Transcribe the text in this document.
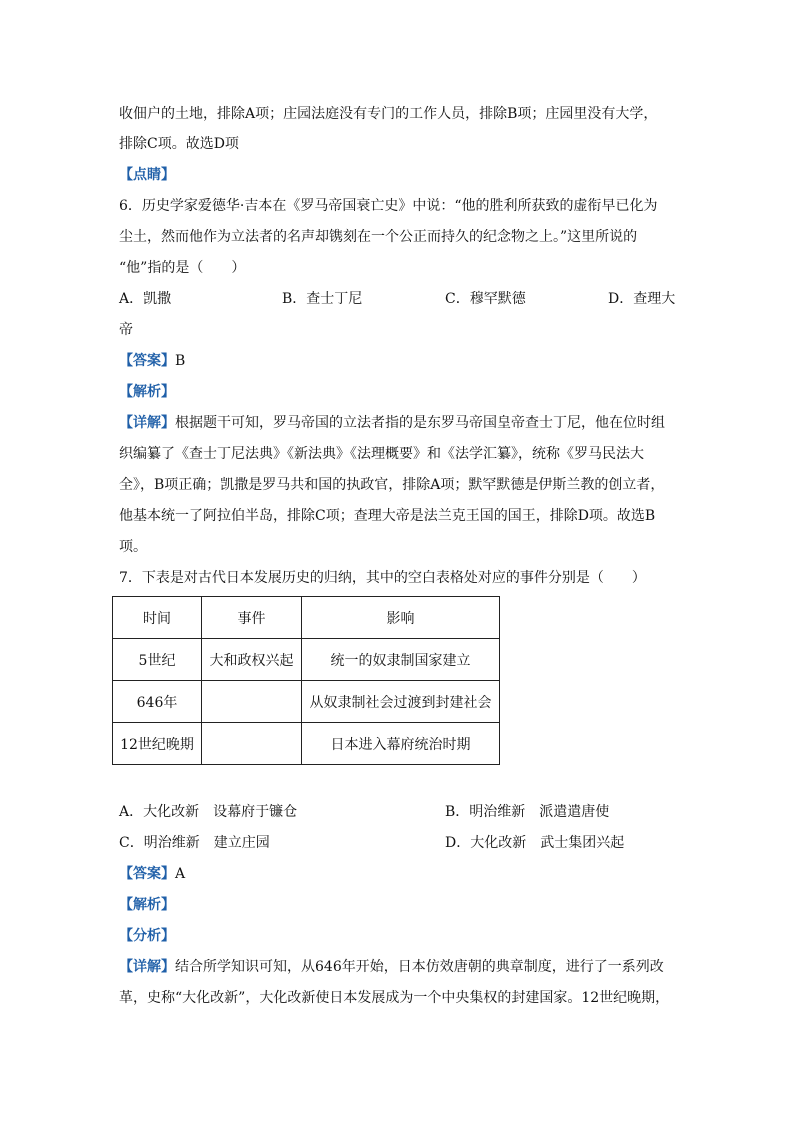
收佃户的土地，排除A项；庄园法庭没有专门的工作人员，排除B项；庄园里没有大学，
排除C项。故选D项
【点睛】
6．历史学家爱德华·吉本在《罗马帝国衰亡史》中说：“他的胜利所获致的虚衔早已化为
尘土，然而他作为立法者的名声却镌刻在一个公正而持久的纪念物之上。”这里所说的
“他”指的是（　　）
A．凯撒	B．查士丁尼	C．穆罕默德	D．查理大
帝
【答案】B
【解析】
【详解】根据题干可知，罗马帝国的立法者指的是东罗马帝国皇帝查士丁尼，他在位时组
织编纂了《查士丁尼法典》《新法典》《法理概要》和《法学汇纂》，统称《罗马民法大
全》，B项正确；凯撒是罗马共和国的执政官，排除A项；默罕默德是伊斯兰教的创立者，
他基本统一了阿拉伯半岛，排除C项；查理大帝是法兰克王国的国王，排除D项。故选B
项。
7．下表是对古代日本发展历史的归纳，其中的空白表格处对应的事件分别是（　　）
时间	事件	影响
5世纪	大和政权兴起	统一的奴隶制国家建立
646年		从奴隶制社会过渡到封建社会
12世纪晚期		日本进入幕府统治时期
A．大化改新　设幕府于镰仓	B．明治维新　派遣遣唐使
C．明治维新　建立庄园	D．大化改新　武士集团兴起
【答案】A
【解析】
【分析】
【详解】结合所学知识可知，从646年开始，日本仿效唐朝的典章制度，进行了一系列改
革，史称“大化改新”，大化改新使日本发展成为一个中央集权的封建国家。12世纪晚期，
